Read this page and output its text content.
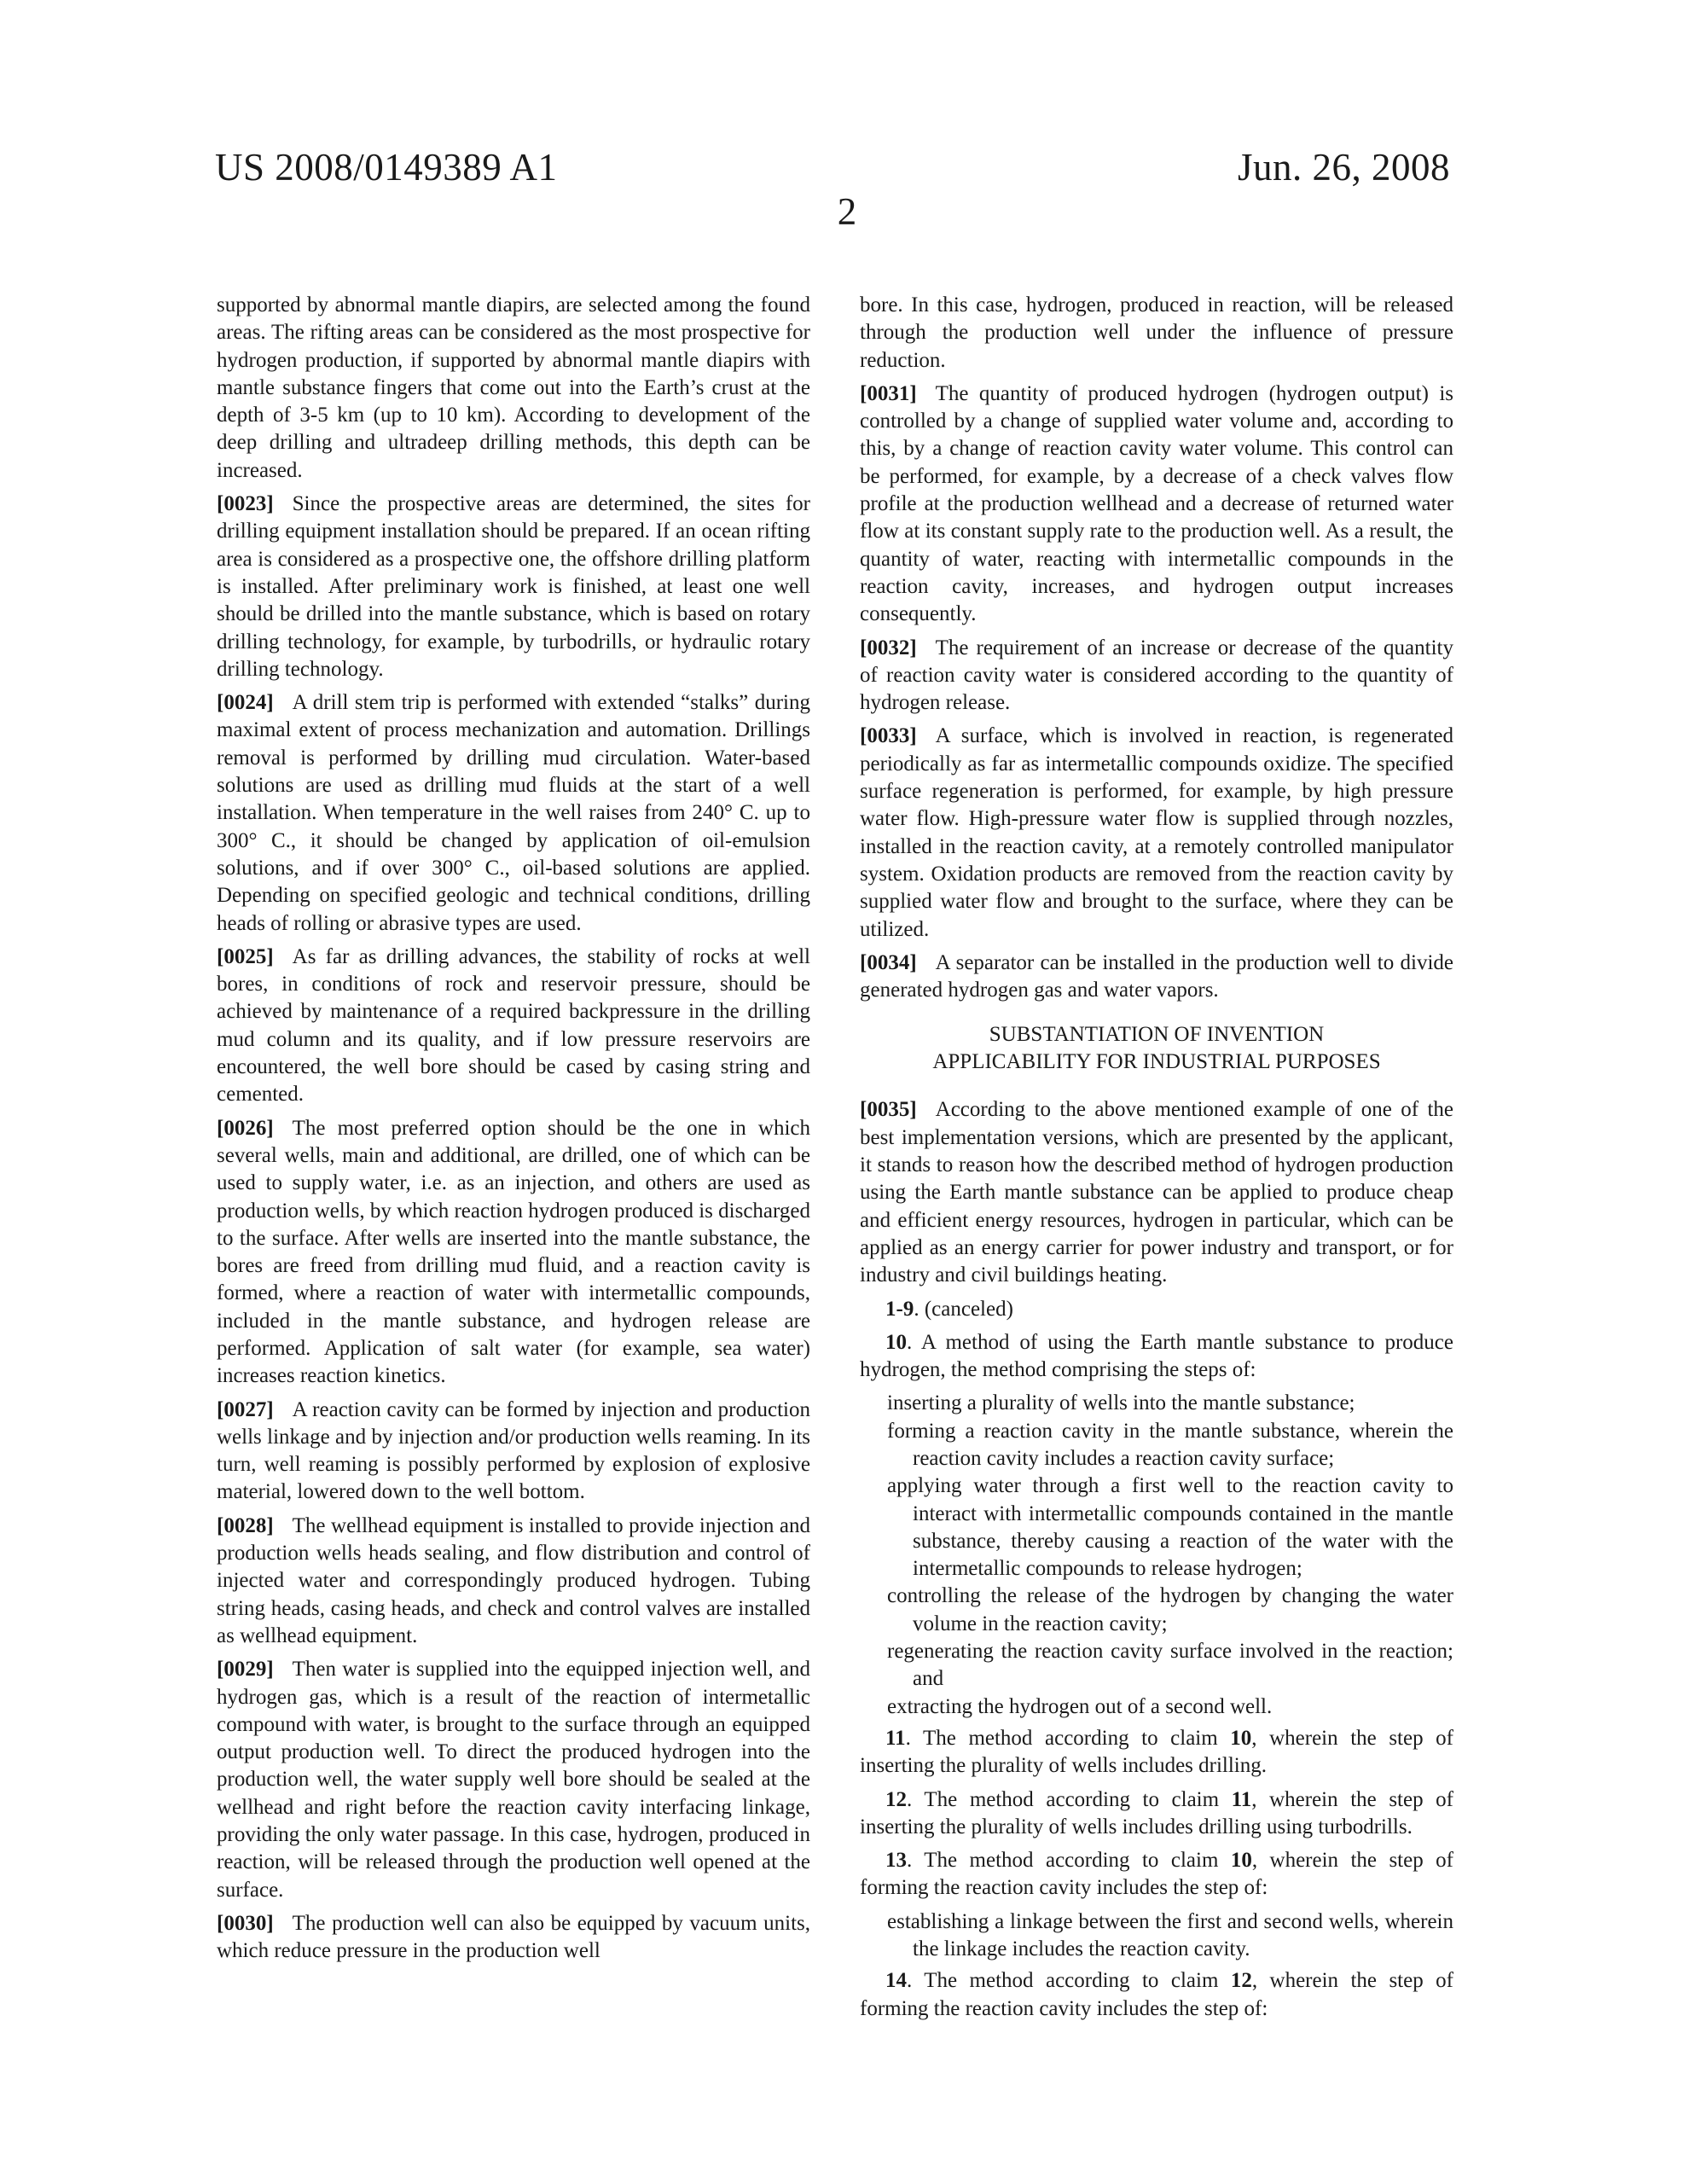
US 2008/0149389 A1	Jun. 26, 2008
2

supported by abnormal mantle diapirs, are selected among the found areas. The rifting areas can be considered as the most prospective for hydrogen production, if supported by abnormal mantle diapirs with mantle substance fingers that come out into the Earth’s crust at the depth of 3-5 km (up to 10 km). According to development of the deep drilling and ultradeep drilling methods, this depth can be increased.

[0023] Since the prospective areas are determined, the sites for drilling equipment installation should be prepared. If an ocean rifting area is considered as a prospective one, the offshore drilling platform is installed. After preliminary work is finished, at least one well should be drilled into the mantle substance, which is based on rotary drilling technology, for example, by turbodrills, or hydraulic rotary drilling technology.

[0024] A drill stem trip is performed with extended “stalks” during maximal extent of process mechanization and automation. Drillings removal is performed by drilling mud circulation. Water-based solutions are used as drilling mud fluids at the start of a well installation. When temperature in the well raises from 240° C. up to 300° C., it should be changed by application of oil-emulsion solutions, and if over 300° C., oil-based solutions are applied. Depending on specified geologic and technical conditions, drilling heads of rolling or abrasive types are used.

[0025] As far as drilling advances, the stability of rocks at well bores, in conditions of rock and reservoir pressure, should be achieved by maintenance of a required backpressure in the drilling mud column and its quality, and if low pressure reservoirs are encountered, the well bore should be cased by casing string and cemented.

[0026] The most preferred option should be the one in which several wells, main and additional, are drilled, one of which can be used to supply water, i.e. as an injection, and others are used as production wells, by which reaction hydrogen produced is discharged to the surface. After wells are inserted into the mantle substance, the bores are freed from drilling mud fluid, and a reaction cavity is formed, where a reaction of water with intermetallic compounds, included in the mantle substance, and hydrogen release are performed. Application of salt water (for example, sea water) increases reaction kinetics.

[0027] A reaction cavity can be formed by injection and production wells linkage and by injection and/or production wells reaming. In its turn, well reaming is possibly performed by explosion of explosive material, lowered down to the well bottom.

[0028] The wellhead equipment is installed to provide injection and production wells heads sealing, and flow distribution and control of injected water and correspondingly produced hydrogen. Tubing string heads, casing heads, and check and control valves are installed as wellhead equipment.

[0029] Then water is supplied into the equipped injection well, and hydrogen gas, which is a result of the reaction of intermetallic compound with water, is brought to the surface through an equipped output production well. To direct the produced hydrogen into the production well, the water supply well bore should be sealed at the wellhead and right before the reaction cavity interfacing linkage, providing the only water passage. In this case, hydrogen, produced in reaction, will be released through the production well opened at the surface.

[0030] The production well can also be equipped by vacuum units, which reduce pressure in the production well

bore. In this case, hydrogen, produced in reaction, will be released through the production well under the influence of pressure reduction.

[0031] The quantity of produced hydrogen (hydrogen output) is controlled by a change of supplied water volume and, according to this, by a change of reaction cavity water volume. This control can be performed, for example, by a decrease of a check valves flow profile at the production wellhead and a decrease of returned water flow at its constant supply rate to the production well. As a result, the quantity of water, reacting with intermetallic compounds in the reaction cavity, increases, and hydrogen output increases consequently.

[0032] The requirement of an increase or decrease of the quantity of reaction cavity water is considered according to the quantity of hydrogen release.

[0033] A surface, which is involved in reaction, is regenerated periodically as far as intermetallic compounds oxidize. The specified surface regeneration is performed, for example, by high pressure water flow. High-pressure water flow is supplied through nozzles, installed in the reaction cavity, at a remotely controlled manipulator system. Oxidation products are removed from the reaction cavity by supplied water flow and brought to the surface, where they can be utilized.

[0034] A separator can be installed in the production well to divide generated hydrogen gas and water vapors.

SUBSTANTIATION OF INVENTION
APPLICABILITY FOR INDUSTRIAL PURPOSES

[0035] According to the above mentioned example of one of the best implementation versions, which are presented by the applicant, it stands to reason how the described method of hydrogen production using the Earth mantle substance can be applied to produce cheap and efficient energy resources, hydrogen in particular, which can be applied as an energy carrier for power industry and transport, or for industry and civil buildings heating.

1-9. (canceled)

10. A method of using the Earth mantle substance to produce hydrogen, the method comprising the steps of:

inserting a plurality of wells into the mantle substance;

forming a reaction cavity in the mantle substance, wherein the reaction cavity includes a reaction cavity surface;

applying water through a first well to the reaction cavity to interact with intermetallic compounds contained in the mantle substance, thereby causing a reaction of the water with the intermetallic compounds to release hydrogen;

controlling the release of the hydrogen by changing the water volume in the reaction cavity;

regenerating the reaction cavity surface involved in the reaction; and

extracting the hydrogen out of a second well.

11. The method according to claim 10, wherein the step of inserting the plurality of wells includes drilling.

12. The method according to claim 11, wherein the step of inserting the plurality of wells includes drilling using turbodrills.

13. The method according to claim 10, wherein the step of forming the reaction cavity includes the step of:

establishing a linkage between the first and second wells, wherein the linkage includes the reaction cavity.

14. The method according to claim 12, wherein the step of forming the reaction cavity includes the step of:
